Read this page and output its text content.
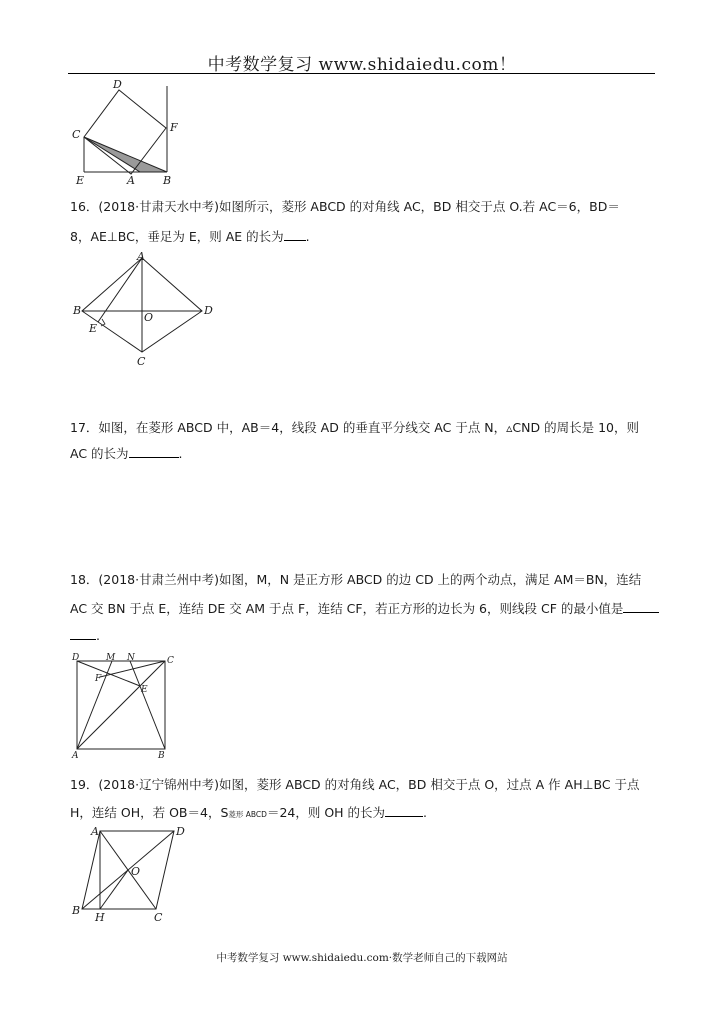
中考数学复习 www.shidaiedu.com！
D
F
C
E	A	B
16．(2018·甘肃天水中考)如图所示，菱形 ABCD 的对角线 AC，BD 相交于点 O.若 AC＝6，BD＝
8，AE⊥BC，垂足为 E，则 AE 的长为 .
A
B
O
D
E
C
17．如图，在菱形 ABCD 中，AB＝4，线段 AD 的垂直平分线交 AC 于点 N，▵CND 的周长是 10，则
AC 的长为	.
18．(2018·甘肃兰州中考)如图，M，N 是正方形 ABCD 的边 CD 上的两个动点，满足 AM＝BN，连结
AC 交 BN 于点 E，连结 DE 交 AM 于点 F，连结 CF，若正方形的边长为 6，则线段 CF 的最小值是
.
D	M N	C
F
E
A	B
19．(2018·辽宁锦州中考)如图，菱形 ABCD 的对角线 AC，BD 相交于点 O，过点 A 作 AH⊥BC 于点
H，连结 OH，若 OB＝4，S菱形 ABCD＝24，则 OH 的长为	.
A	D
O
B
H	C
中考数学复习 www.shidaiedu.com·数学老师自己的下载网站
